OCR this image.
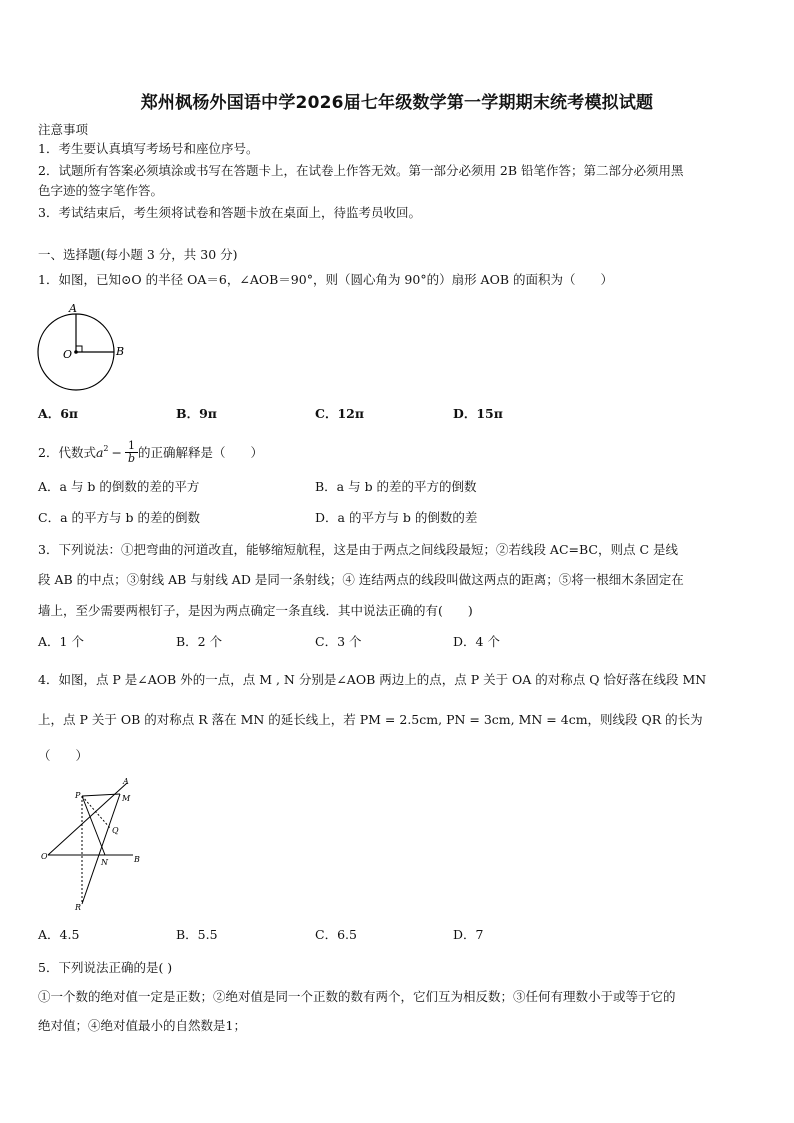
郑州枫杨外国语中学2026届七年级数学第一学期期末统考模拟试题
注意事项
1．考生要认真填写考场号和座位序号。
2．试题所有答案必须填涂或书写在答题卡上，在试卷上作答无效。第一部分必须用 2B 铅笔作答；第二部分必须用黑
色字迹的签字笔作答。
3．考试结束后，考生须将试卷和答题卡放在桌面上，待监考员收回。
一、选择题(每小题 3 分，共 30 分)
1．如图，已知⊙O 的半径 OA＝6，∠AOB＝90°，则（圆心角为 90°的）扇形 AOB 的面积为（　　）
A
O	B
A．6π	B．9π	C．12π	D．15π
2．代数式 $a^2 - \frac{1}{b}$ 的正确解释是（　　）
A．a 与 b 的倒数的差的平方	B．a 与 b 的差的平方的倒数
C．a 的平方与 b 的差的倒数	D．a 的平方与 b 的倒数的差
3．下列说法：①把弯曲的河道改直，能够缩短航程，这是由于两点之间线段最短；②若线段 AC=BC，则点 C 是线
段 AB 的中点；③射线 AB 与射线 AD 是同一条射线；④ 连结两点的线段叫做这两点的距离；⑤将一根细木条固定在
墙上，至少需要两根钉子，是因为两点确定一条直线．其中说法正确的有(　　)
A．1 个	B．2 个	C．3 个	D．4 个
4．如图，点 P 是∠AOB 外的一点，点 M , N 分别是∠AOB 两边上的点，点 P 关于 OA 的对称点 Q 恰好落在线段 MN
上，点 P 关于 OB 的对称点 R 落在 MN 的延长线上，若 PM = 2.5cm, PN = 3cm, MN = 4cm，则线段 QR 的长为
（　　）
P
A
M
Q
O
N	B
R
A．4.5	B．5.5	C．6.5	D．7
5．下列说法正确的是( )
①一个数的绝对值一定是正数；②绝对值是同一个正数的数有两个，它们互为相反数；③任何有理数小于或等于它的
绝对值；④绝对值最小的自然数是1；
